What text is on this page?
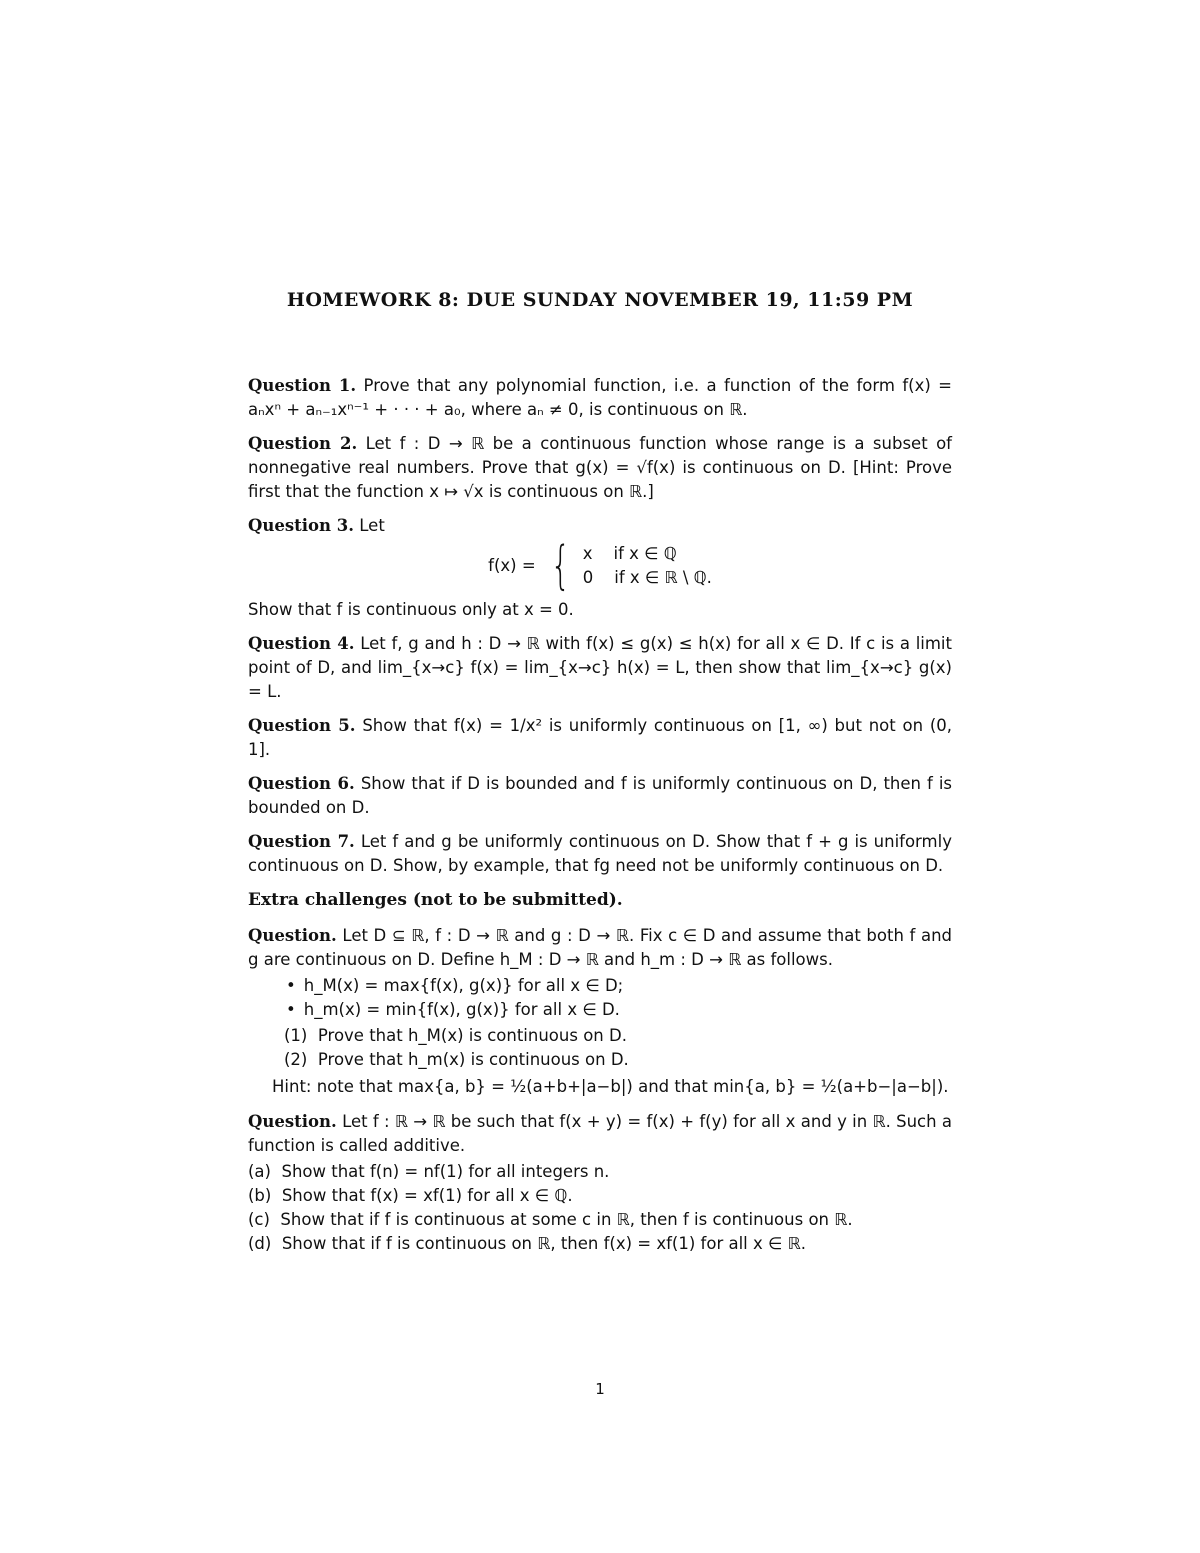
HOMEWORK 8: DUE SUNDAY NOVEMBER 19, 11:59 PM

Question 1. Prove that any polynomial function, i.e. a function of the form f(x) = aₙxⁿ + aₙ₋₁xⁿ⁻¹ + · · · + a₀, where aₙ ≠ 0, is continuous on ℝ.

Question 2. Let f : D → ℝ be a continuous function whose range is a subset of nonnegative real numbers. Prove that g(x) = √f(x) is continuous on D. [Hint: Prove first that the function x ↦ √x is continuous on ℝ.]

Question 3. Let
f(x) = { x    if x ∈ ℚ
0    if x ∈ ℝ \ ℚ.
Show that f is continuous only at x = 0.

Question 4. Let f, g and h : D → ℝ with f(x) ≤ g(x) ≤ h(x) for all x ∈ D. If c is a limit point of D, and lim_{x→c} f(x) = lim_{x→c} h(x) = L, then show that lim_{x→c} g(x) = L.

Question 5. Show that f(x) = 1/x² is uniformly continuous on [1, ∞) but not on (0, 1].

Question 6. Show that if D is bounded and f is uniformly continuous on D, then f is bounded on D.

Question 7. Let f and g be uniformly continuous on D. Show that f + g is uniformly continuous on D. Show, by example, that fg need not be uniformly continuous on D.

Extra challenges (not to be submitted).

Question. Let D ⊆ ℝ, f : D → ℝ and g : D → ℝ. Fix c ∈ D and assume that both f and g are continuous on D. Define h_M : D → ℝ and h_m : D → ℝ as follows.

• h_M(x) = max{f(x), g(x)} for all x ∈ D;
• h_m(x) = min{f(x), g(x)} for all x ∈ D.
(1)  Prove that h_M(x) is continuous on D.
(2)  Prove that h_m(x) is continuous on D.
Hint: note that max{a, b} = ½(a+b+|a−b|) and that min{a, b} = ½(a+b−|a−b|).

Question. Let f : ℝ → ℝ be such that f(x + y) = f(x) + f(y) for all x and y in ℝ. Such a function is called additive.

(a)  Show that f(n) = nf(1) for all integers n.
(b)  Show that f(x) = xf(1) for all x ∈ ℚ.
(c)  Show that if f is continuous at some c in ℝ, then f is continuous on ℝ.
(d)  Show that if f is continuous on ℝ, then f(x) = xf(1) for all x ∈ ℝ.
1
